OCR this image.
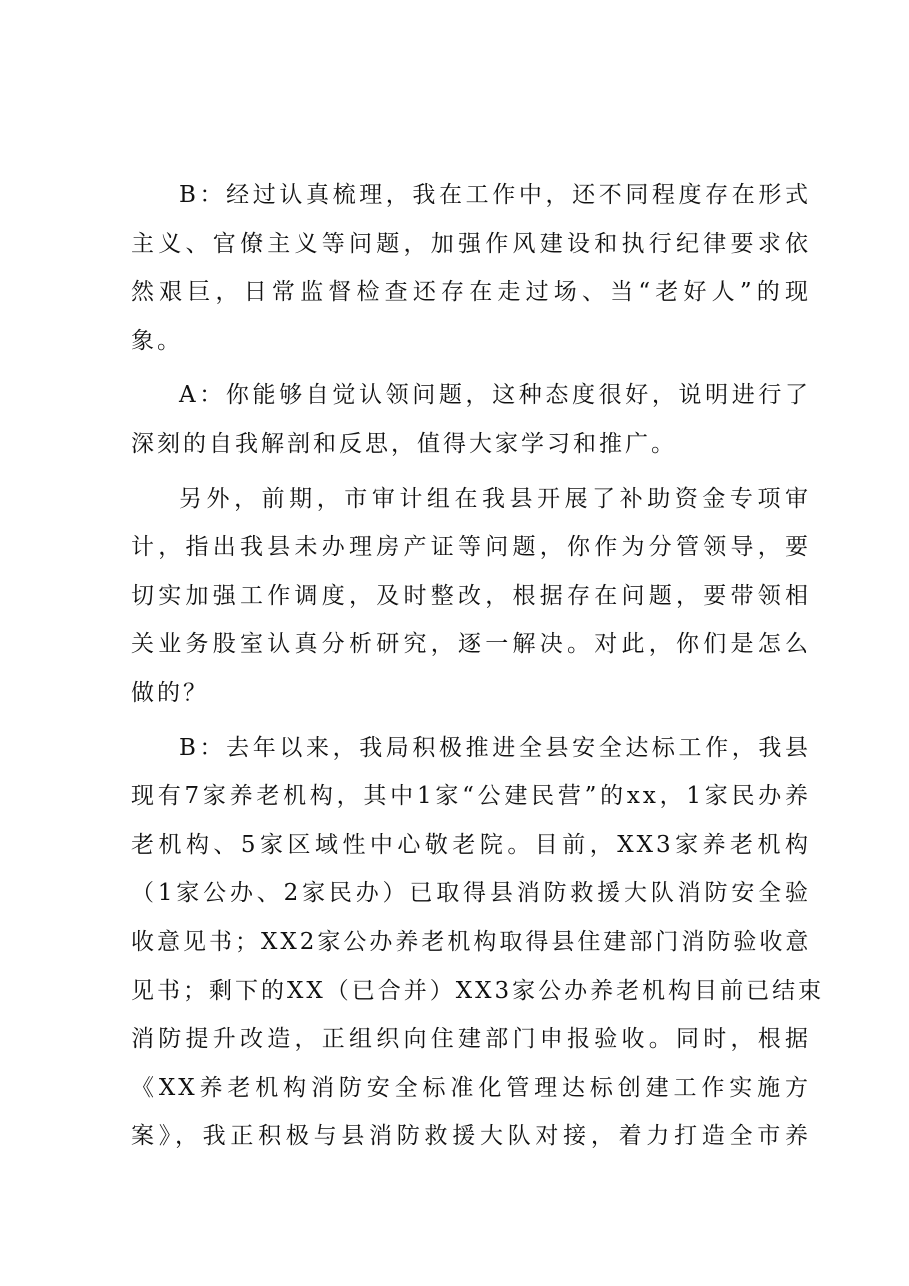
B：经过认真梳理，我在工作中，还不同程度存在形式
主义、官僚主义等问题，加强作风建设和执行纪律要求依
然艰巨，日常监督检查还存在走过场、当“老好人”的现
象。
A：你能够自觉认领问题，这种态度很好，说明进行了
深刻的自我解剖和反思，值得大家学习和推广。
另外，前期，市审计组在我县开展了补助资金专项审
计，指出我县未办理房产证等问题，你作为分管领导，要
切实加强工作调度，及时整改，根据存在问题，要带领相
关业务股室认真分析研究，逐一解决。对此，你们是怎么
做的？
B：去年以来，我局积极推进全县安全达标工作，我县
现有7家养老机构，其中1家“公建民营”的xx，1家民办养
老机构、5家区域性中心敬老院。目前，XX3家养老机构
（1家公办、2家民办）已取得县消防救援大队消防安全验
收意见书；XX2家公办养老机构取得县住建部门消防验收意
见书；剩下的XX（已合并）XX3家公办养老机构目前已结束
消防提升改造，正组织向住建部门申报验收。同时，根据
《XX养老机构消防安全标准化管理达标创建工作实施方
案》，我正积极与县消防救援大队对接，着力打造全市养
